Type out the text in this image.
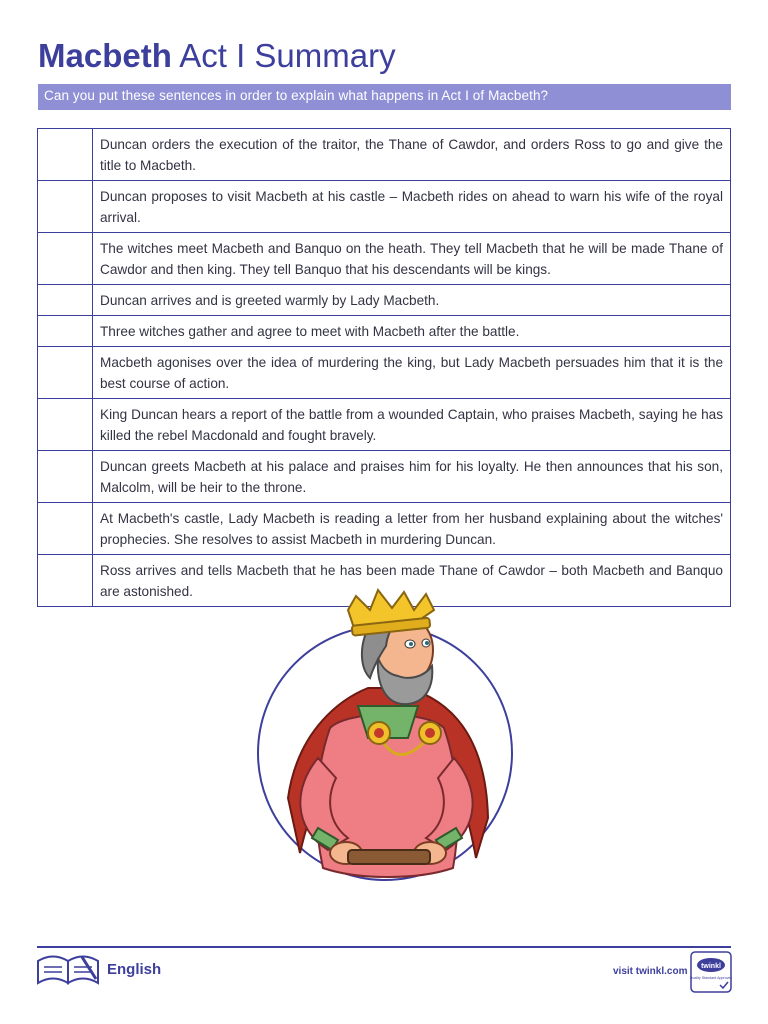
Macbeth Act I Summary
Can you put these sentences in order to explain what happens in Act I of Macbeth?
	Duncan orders the execution of the traitor, the Thane of Cawdor, and orders Ross to go and give the title to Macbeth.
	Duncan proposes to visit Macbeth at his castle – Macbeth rides on ahead to warn his wife of the royal arrival.
	The witches meet Macbeth and Banquo on the heath. They tell Macbeth that he will be made Thane of Cawdor and then king. They tell Banquo that his descendants will be kings.
	Duncan arrives and is greeted warmly by Lady Macbeth.
	Three witches gather and agree to meet with Macbeth after the battle.
	Macbeth agonises over the idea of murdering the king, but Lady Macbeth persuades him that it is the best course of action.
	King Duncan hears a report of the battle from a wounded Captain, who praises Macbeth, saying he has killed the rebel Macdonald and fought bravely.
	Duncan greets Macbeth at his palace and praises him for his loyalty. He then announces that his son, Malcolm, will be heir to the throne.
	At Macbeth's castle, Lady Macbeth is reading a letter from her husband explaining about the witches' prophecies. She resolves to assist Macbeth in murdering Duncan.
	Ross arrives and tells Macbeth that he has been made Thane of Cawdor – both Macbeth and Banquo are astonished.
English	visit twinkl.com twinkl
Quality Standard Approved
